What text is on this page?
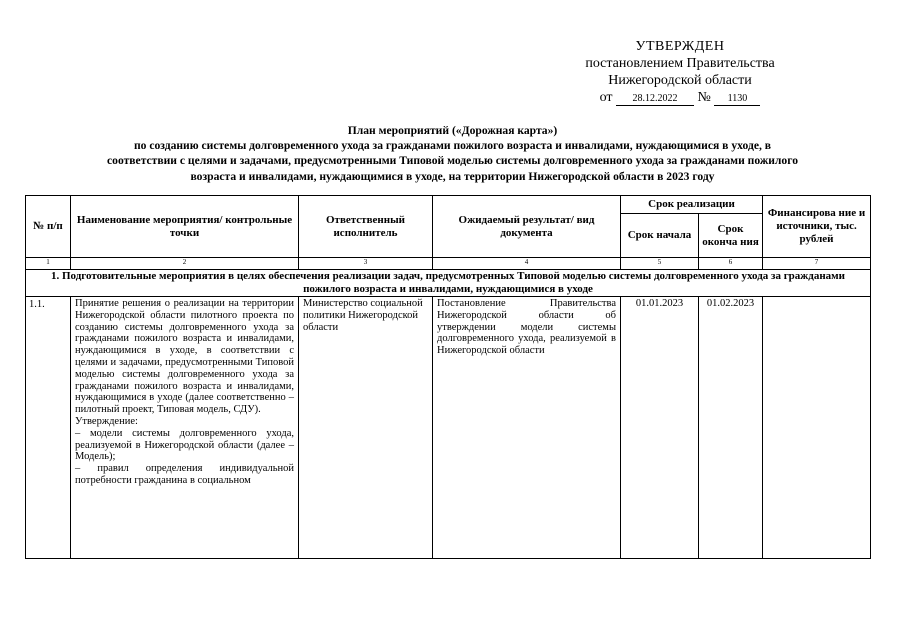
УТВЕРЖДЕН
постановлением Правительства
Нижегородской области
от 28.12.2022 № 1130
План мероприятий («Дорожная карта»)
по созданию системы долговременного ухода за гражданами пожилого возраста и инвалидами, нуждающимися в уходе, в
соответствии с целями и задачами, предусмотренными Типовой моделью системы долговременного ухода за гражданами пожилого
возраста и инвалидами, нуждающимися в уходе, на территории Нижегородской области в 2023 году
№ п/п	Наименование мероприятия/ контрольные точки	Ответственный исполнитель	Ожидаемый результат/ вид документа	Срок реализации		Финансирова ние и источники, тыс. рублей
				Срок начала	Срок оконча ния	
1	2	3	4	5	6	7
1. Подготовительные мероприятия в целях обеспечения реализации задач, предусмотренных Типовой моделью системы долговременного ухода за гражданами пожилого возраста и инвалидами, нуждающимися в уходе						
1.1.	Принятие решения о реализации на территории Нижегородской области пилотного проекта по созданию системы долговременного ухода за гражданами пожилого возраста и инвалидами, нуждающимися в уходе, в соответствии с целями и задачами, предусмотренными Типовой моделью системы долговременного ухода за гражданами пожилого возраста и инвалидами, нуждающимися в уходе (далее соответственно – пилотный проект, Типовая модель, СДУ).

Утверждение:

– модели системы долговременного ухода, реализуемой в Нижегородской области (далее – Модель);

– правил определения индивидуальной потребности гражданина в социальном	Министерство социальной политики Нижегородской области	Постановление Правительства Нижегородской области об утверждении модели системы долговременного ухода, реализуемой в Нижегородской области	01.01.2023	01.02.2023	
